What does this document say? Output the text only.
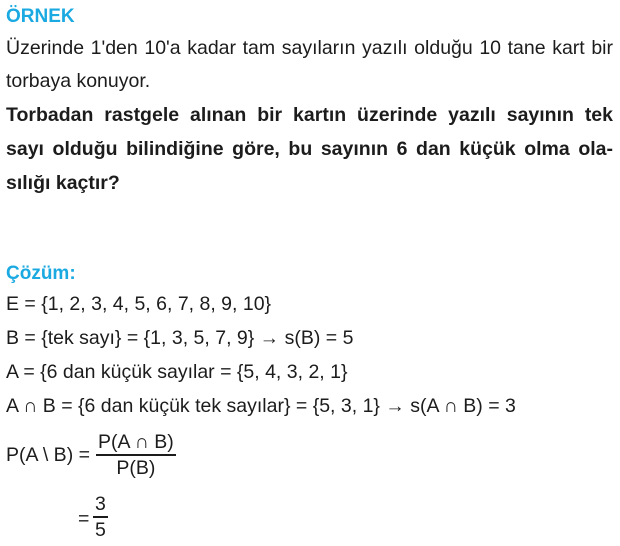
ÖRNEK
Üzerinde 1'den 10'a kadar tam sayıların yazılı olduğu 10 tane kart bir
torbaya konuyor.
Torbadan rastgele alınan bir kartın üzerinde yazılı sayının tek
sayı olduğu bilindiğine göre, bu sayının 6 dan küçük olma ola-
sılığı kaçtır?
Çözüm:
E = {1, 2, 3, 4, 5, 6, 7, 8, 9, 10}
B = {tek sayı} = {1, 3, 5, 7, 9} → s(B) = 5
A = {6 dan küçük sayılar = {5, 4, 3, 2, 1}
A ∩ B = {6 dan küçük tek sayılar} = {5, 3, 1} → s(A ∩ B) = 3
P(A \ B) =
P(A ∩ B)
P(B)
=
3
5
